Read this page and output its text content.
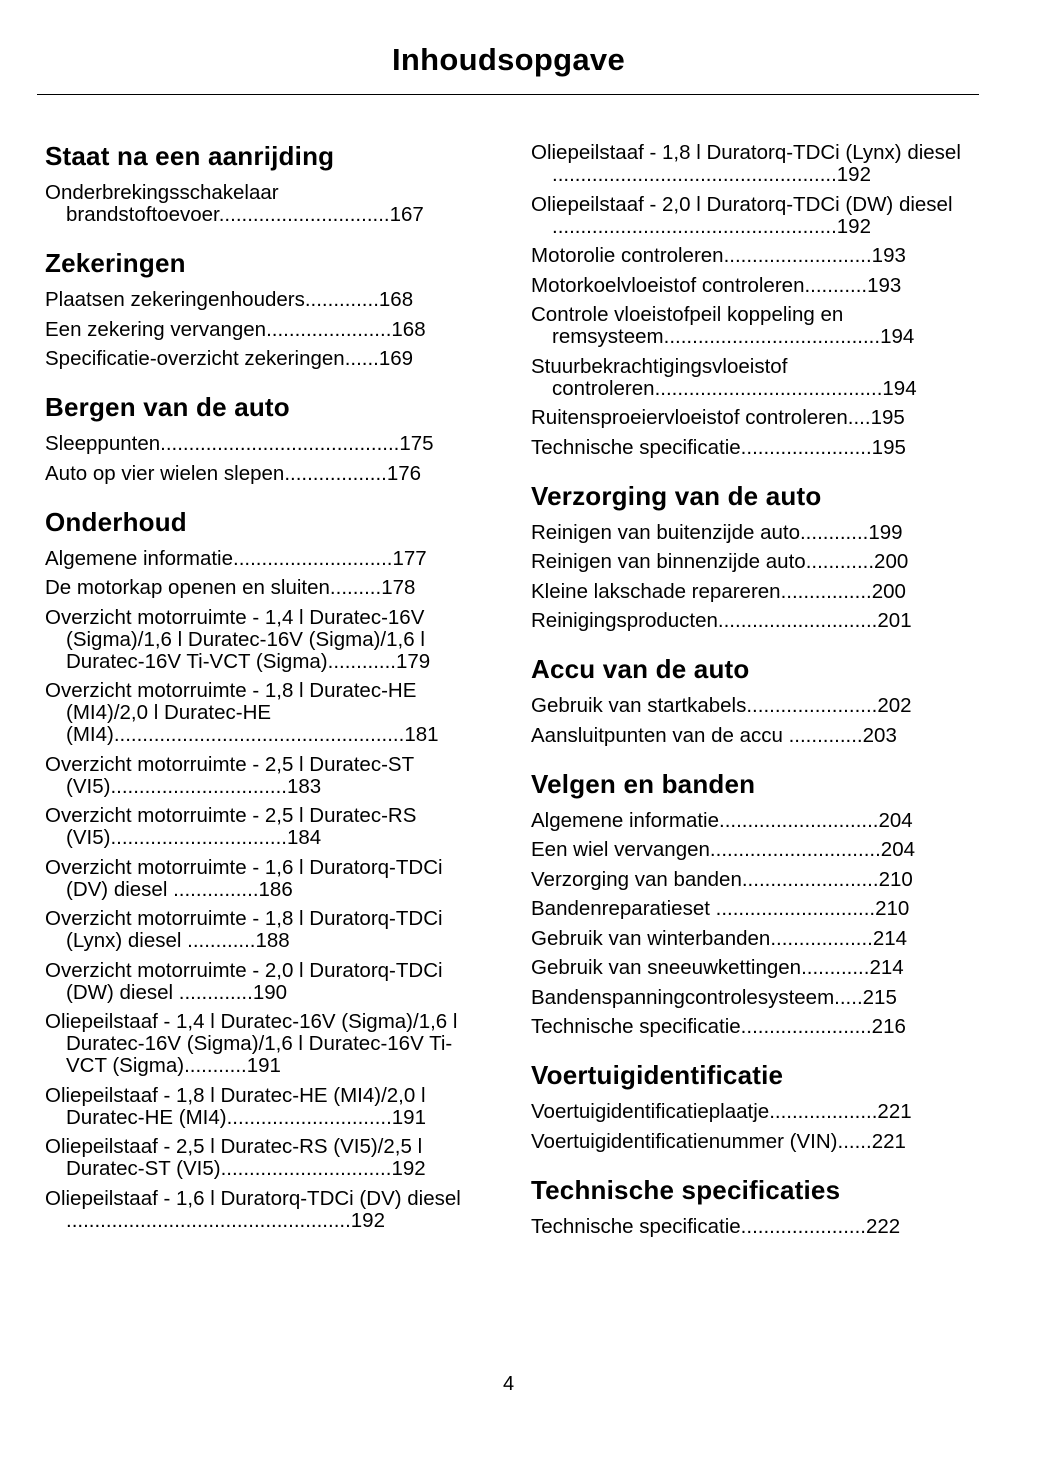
Inhoudsopgave
Staat na een aanrijding
Onderbrekingsschakelaar brandstoftoevoer..............................167
Zekeringen
Plaatsen zekeringenhouders.............168
Een zekering vervangen......................168
Specificatie-overzicht zekeringen......169
Bergen van de auto
Sleeppunten..........................................175
Auto op vier wielen slepen..................176
Onderhoud
Algemene informatie............................177
De motorkap openen en sluiten.........178
Overzicht motorruimte - 1,4 l Duratec-16V (Sigma)/1,6 l Duratec-16V (Sigma)/1,6 l Duratec-16V Ti-VCT (Sigma)............179
Overzicht motorruimte - 1,8 l Duratec-HE (MI4)/2,0 l Duratec-HE (MI4)...................................................181
Overzicht motorruimte - 2,5 l Duratec-ST (VI5)...............................183
Overzicht motorruimte - 2,5 l Duratec-RS (VI5)...............................184
Overzicht motorruimte - 1,6 l Duratorq-TDCi (DV) diesel ...............186
Overzicht motorruimte - 1,8 l Duratorq-TDCi (Lynx) diesel ............188
Overzicht motorruimte - 2,0 l Duratorq-TDCi (DW) diesel .............190
Oliepeilstaaf - 1,4 l Duratec-16V (Sigma)/1,6 l Duratec-16V (Sigma)/1,6 l Duratec-16V Ti-VCT (Sigma)...........191
Oliepeilstaaf - 1,8 l Duratec-HE (MI4)/2,0 l Duratec-HE (MI4).............................191
Oliepeilstaaf - 2,5 l Duratec-RS (VI5)/2,5 l Duratec-ST (VI5)..............................192
Oliepeilstaaf - 1,6 l Duratorq-TDCi (DV) diesel ..................................................192
Oliepeilstaaf - 1,8 l Duratorq-TDCi (Lynx) diesel ..................................................192
Oliepeilstaaf - 2,0 l Duratorq-TDCi (DW) diesel ..................................................192
Motorolie controleren..........................193
Motorkoelvloeistof controleren...........193
Controle vloeistofpeil koppeling en remsysteem......................................194
Stuurbekrachtigingsvloeistof controleren........................................194
Ruitensproeiervloeistof controleren....195
Technische specificatie.......................195
Verzorging van de auto
Reinigen van buitenzijde auto............199
Reinigen van binnenzijde auto............200
Kleine lakschade repareren................200
Reinigingsproducten............................201
Accu van de auto
Gebruik van startkabels.......................202
Aansluitpunten van de accu .............203
Velgen en banden
Algemene informatie............................204
Een wiel vervangen..............................204
Verzorging van banden........................210
Bandenreparatieset ............................210
Gebruik van winterbanden..................214
Gebruik van sneeuwkettingen............214
Bandenspanningcontrolesysteem.....215
Technische specificatie.......................216
Voertuigidentificatie
Voertuigidentificatieplaatje...................221
Voertuigidentificatienummer (VIN)......221
Technische specificaties
Technische specificatie......................222
4
